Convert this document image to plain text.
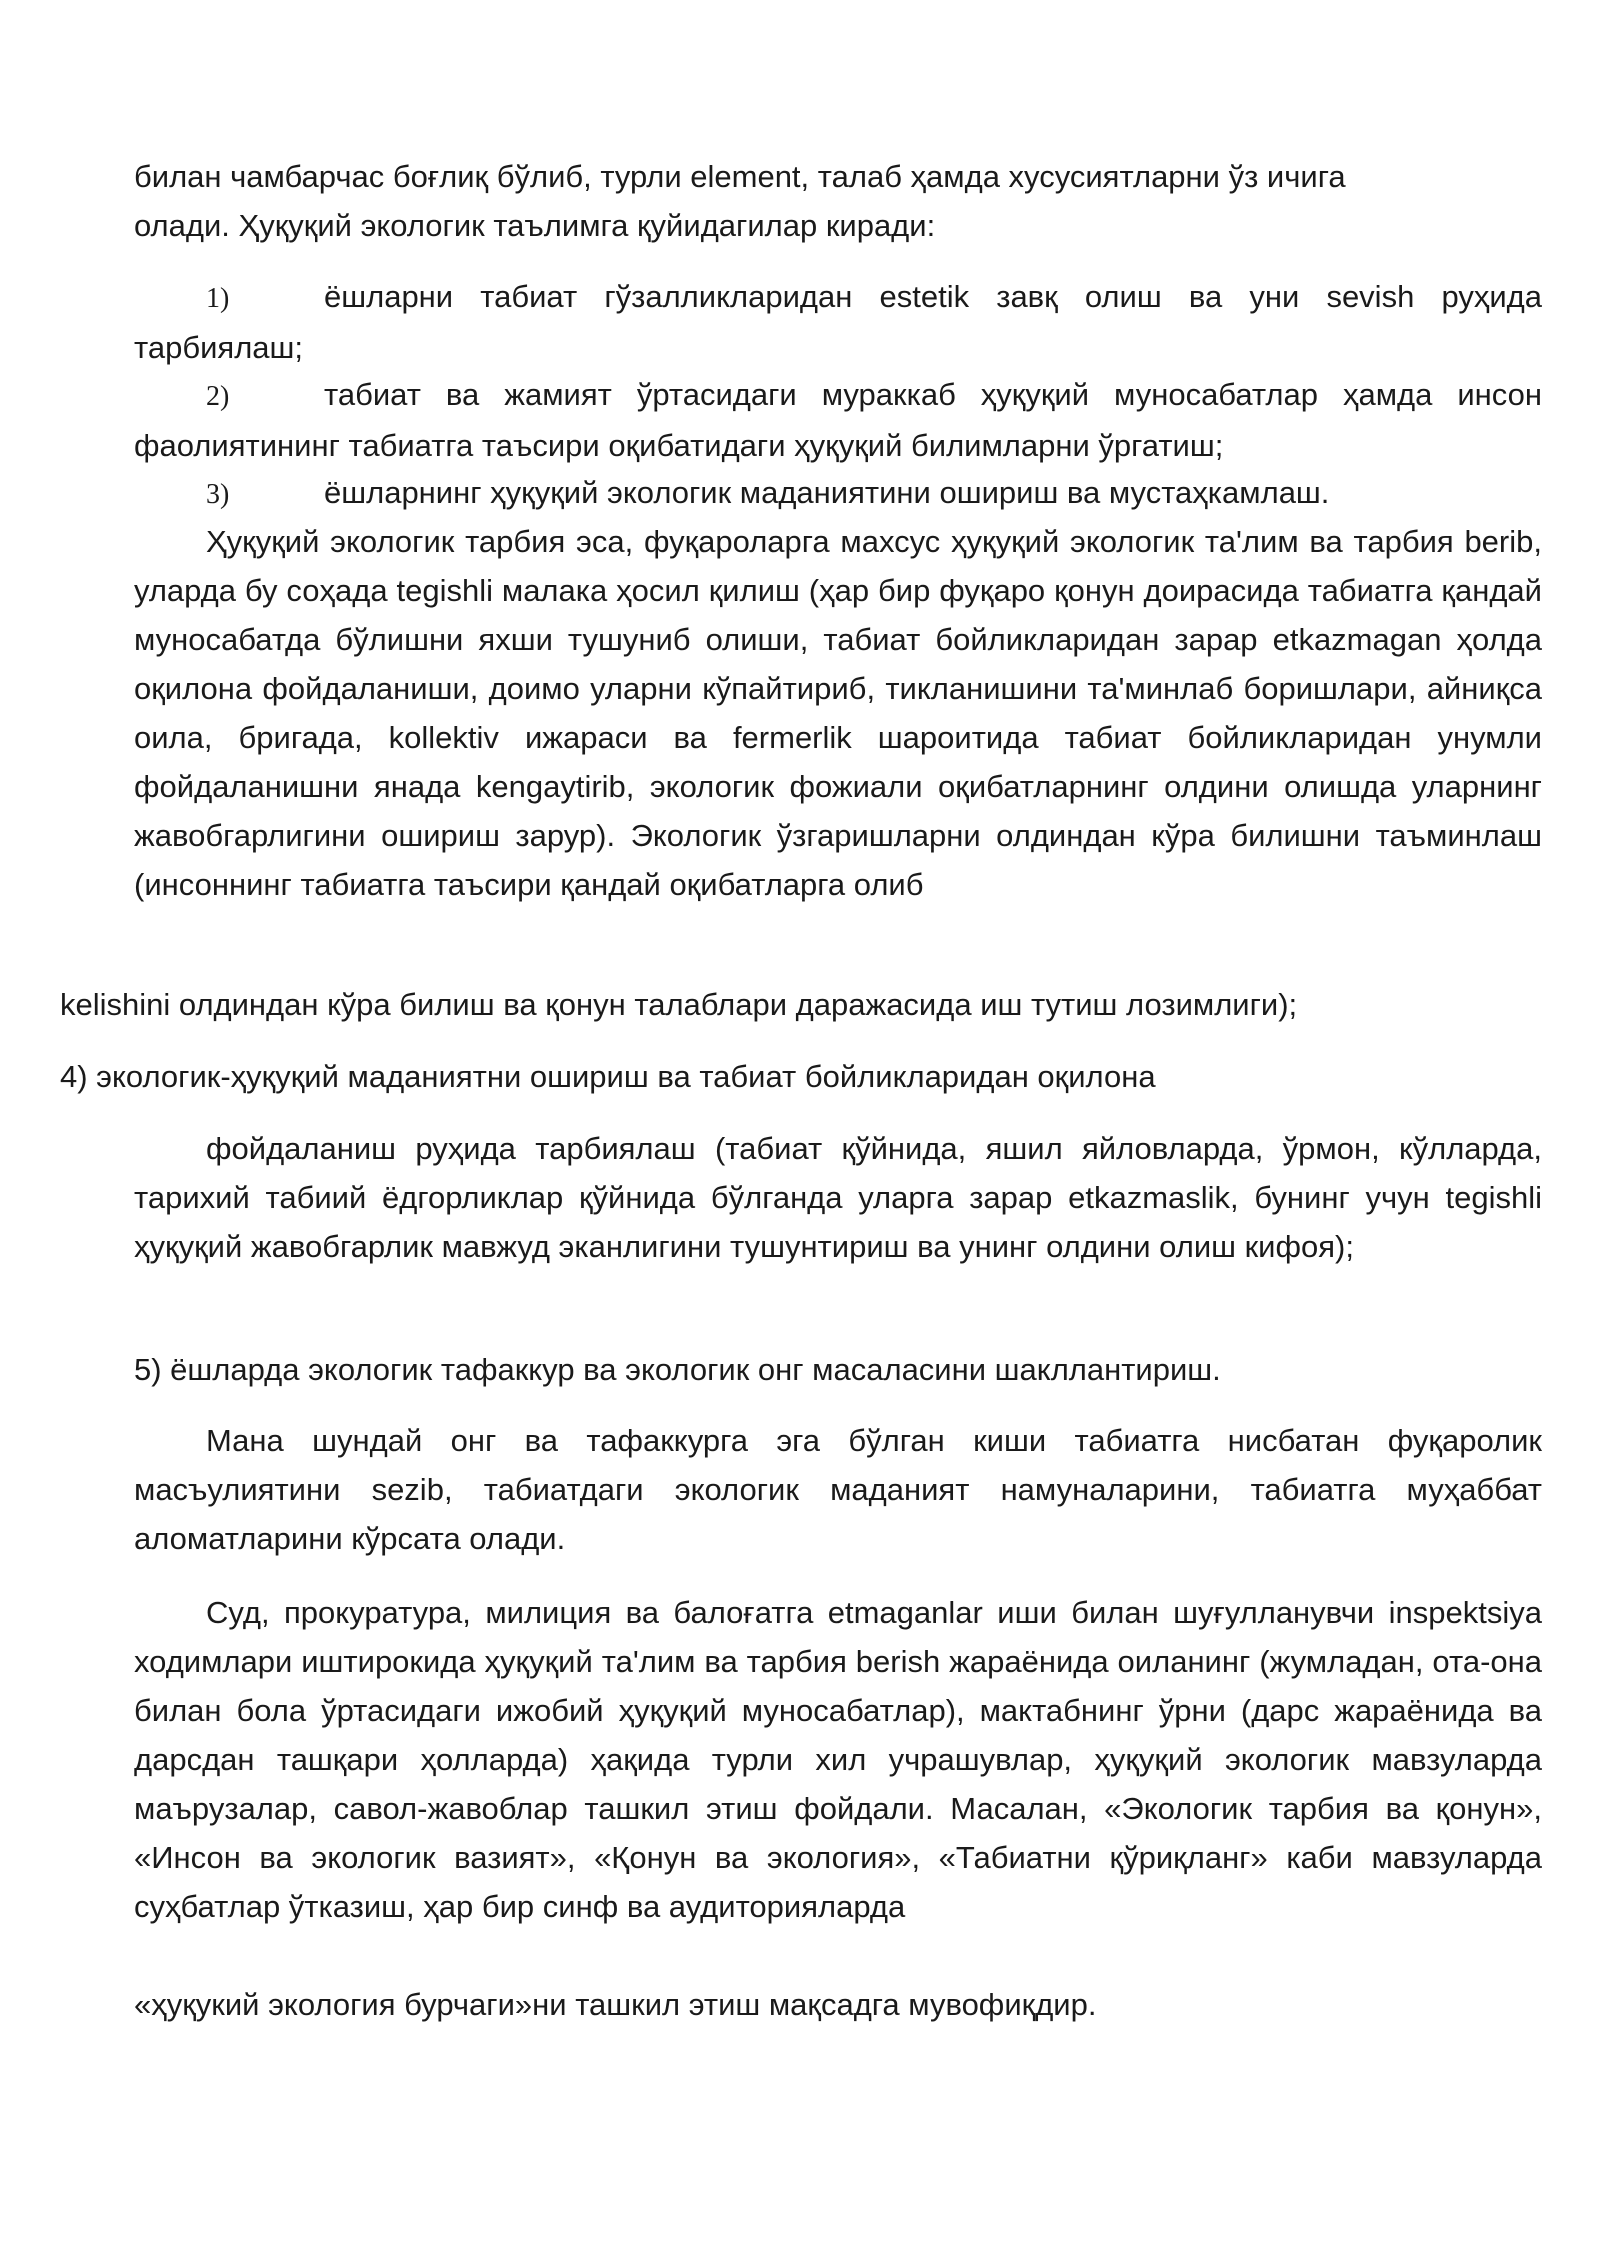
билан чамбарчас боғлиқ бўлиб, турли element, талаб ҳамда хусусиятларни ўз ичига

олади. Ҳуқуқий экологик таълимга қуйидагилар киради:

1)	ёшларни табиат гўзалликларидан estetik завқ олиш ва уни sevish руҳида
тарбиялаш;
2)	табиат ва жамият ўртасидаги мураккаб ҳуқуқий муносабатлар ҳамда инсон
фаолиятининг табиатга таъсири оқибатидаги ҳуқуқий билимларни ўргатиш;
3)	ёшларнинг ҳуқуқий экологик маданиятини ошириш ва мустаҳкамлаш.

Ҳуқуқий экологик тарбия эса, фуқароларга махсус ҳуқуқий экологик та'лим ва тарбия berib, уларда бу соҳада tegishli малака ҳосил қилиш (ҳар бир фуқаро қонун доирасида табиатга қандай муносабатда бўлишни яхши тушуниб олиши, табиат бойликларидан зарар etkazmagan ҳолда оқилона фойдаланиши, доимо уларни кўпайтириб, тикланишини та'минлаб боришлари, айниқса оила, бригада, kollektiv ижараси ва fermerlik шароитида табиат бойликларидан унумли фойдаланишни янада kengaytirib, экологик фожиали оқибатларнинг олдини олишда уларнинг жавобгарлигини ошириш зарур). Экологик ўзгаришларни олдиндан кўра билишни таъминлаш (инсоннинг табиатга таъсири қандай оқибатларга олиб

kelishini олдиндан кўра билиш ва қонун талаблари даражасида иш тутиш лозимлиги);

4) экологик-ҳуқуқий маданиятни ошириш ва табиат бойликларидан оқилона

фойдаланиш руҳида тарбиялаш (табиат қўйнида, яшил яйловларда, ўрмон, кўлларда, тарихий табиий ёдгорликлар қўйнида бўлганда уларга зарар etkazmaslik, бунинг учун tegishli ҳуқуқий жавобгарлик мавжуд эканлигини тушунтириш ва унинг олдини олиш кифоя);

5) ёшларда экологик тафаккур ва экологик онг масаласини шакллантириш.

Мана шундай онг ва тафаккурга эга бўлган киши табиатга нисбатан фуқаролик масъулиятини sezib, табиатдаги экологик маданият намуналарини, табиатга муҳаббат аломатларини кўрсата олади.

Суд, прокуратура, милиция ва балоғатга etmaganlar иши билан шуғулланувчи inspektsiya ходимлари иштирокида ҳуқуқий та'лим ва тарбия berish жараёнида оиланинг (жумладан, ота-она билан бола ўртасидаги ижобий ҳуқуқий муносабатлар), мактабнинг ўрни (дарс жараёнида ва дарсдан ташқари ҳолларда) ҳақида турли хил учрашувлар, ҳуқуқий экологик мавзуларда маърузалар, савол-жавоблар ташкил этиш фойдали. Масалан, «Экологик тарбия ва қонун», «Инсон ва экологик вазият», «Қонун ва экология», «Табиатни қўриқланг» каби мавзуларда суҳбатлар ўтказиш, ҳар бир синф ва аудиторияларда

«ҳуқукий экология бурчаги»ни ташкил этиш мақсадга мувофиқдир.
